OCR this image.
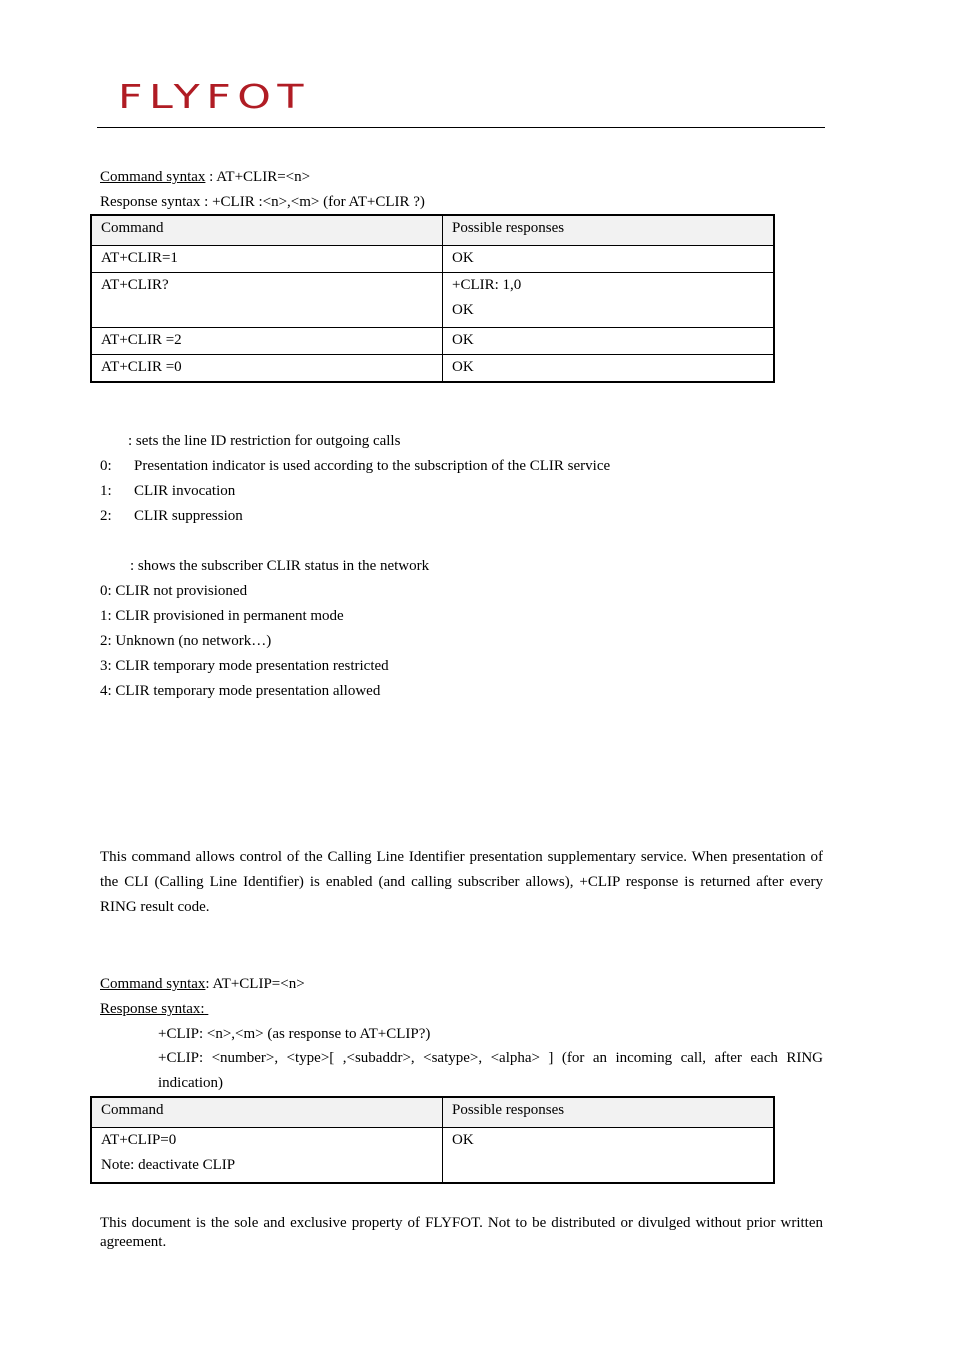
FLYFOT
Command syntax : AT+CLIR=<n>
Response syntax : +CLIR :<n>,<m> (for AT+CLIR ?)
Command	Possible responses
AT+CLIR=1	OK
AT+CLIR?	+CLIR: 1,0
OK

AT+CLIR =2	OK
AT+CLIR =0	OK
: sets the line ID restriction for outgoing calls
0: Presentation indicator is used according to the subscription of the CLIR service
1: CLIR invocation
2: CLIR suppression
: shows the subscriber CLIR status in the network
0: CLIR not provisioned
1: CLIR provisioned in permanent mode
2: Unknown (no network…)
3: CLIR temporary mode presentation restricted
4: CLIR temporary mode presentation allowed
This command allows control of the Calling Line Identifier presentation supplementary service. When presentation of the CLI (Calling Line Identifier) is enabled (and calling subscriber allows), +CLIP response is returned after every RING result code.
Command syntax: AT+CLIP=<n>
Response syntax:
+CLIP: <n>,<m> (as response to AT+CLIP?)
+CLIP: <number>, <type>[ ,<subaddr>, <satype>, <alpha> ] (for an incoming call, after each RING indication)
Command	Possible responses

AT+CLIP=0
Note: deactivate CLIP	OK
This document is the sole and exclusive property of FLYFOT. Not to be distributed or divulged without prior written agreement.
